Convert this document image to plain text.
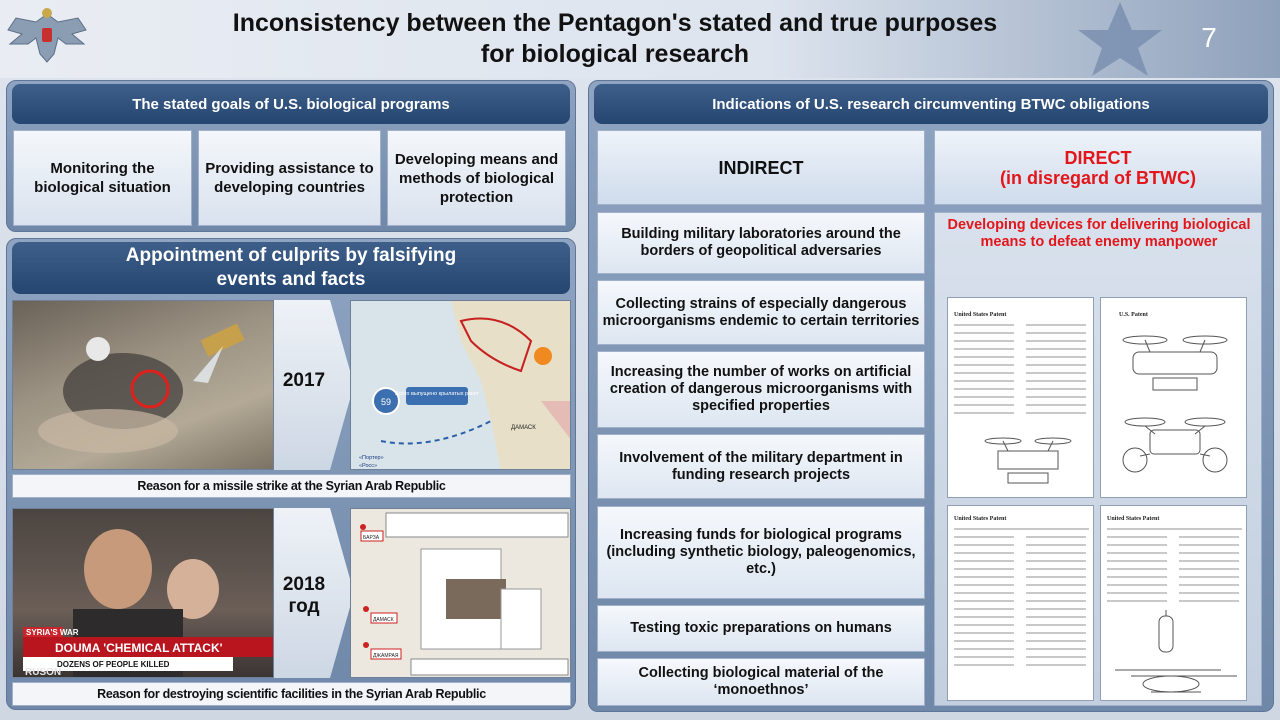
Inconsistency between the Pentagon's stated and true purposes
for biological research
7
The stated goals of U.S. biological programs
Monitoring the biological situation
Providing assistance to developing countries
Developing means and methods of biological protection
Appointment of culprits by falsifying events and facts
2017
59
Всего выпущено крылатых ракет
ДАМАСК
«Портер»
«Росс»
Reason for a missile strike at the Syrian Arab Republic
SYRIA'S WAR
DOUMA 'CHEMICAL ATTACK'
DOZENS OF PEOPLE KILLED
RUSON
2018 год
БАРЗА
ДАМАСК
ДЖАМРАЯ
Reason for destroying scientific facilities in the Syrian Arab Republic
Indications of U.S. research circumventing BTWC obligations
INDIRECT	DIRECT
(in disregard of BTWC)
Building military laboratories around the borders of geopolitical adversaries
Collecting strains of especially dangerous microorganisms endemic to certain territories
Increasing the number of works on artificial creation of dangerous microorganisms with specified properties
Involvement of the military department in funding research projects
Increasing funds for biological programs (including synthetic biology, paleogenomics, etc.)
Testing toxic preparations on humans
Collecting biological material of the ‘monoethnos’
Developing devices for delivering biological means to defeat enemy manpower
United States Patent	U.S. Patent
United States Patent	United States Patent
